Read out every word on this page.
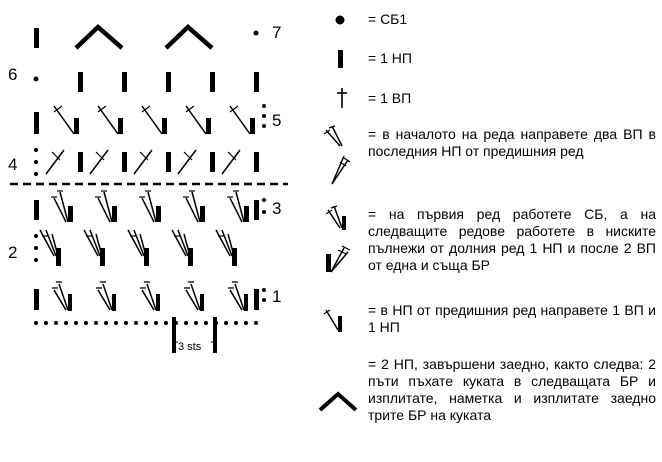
7
6
5
4
3
2
1
3 sts
= СБ1
= 1 НП
= 1 ВП
= в началото на реда направете два ВП в последния НП от предишния ред
= на първия ред работете СБ, а на следващите редове работете в ниските пълнежи от долния ред 1 НП и после 2 ВП от една и съща БР
= в НП от предишния ред направете 1 ВП и 1 НП
= 2 НП, завършени заедно, както следва: 2 пъти пъхате куката в следващата БР и изплитате, наметка и изплитате заедно трите БР на куката
